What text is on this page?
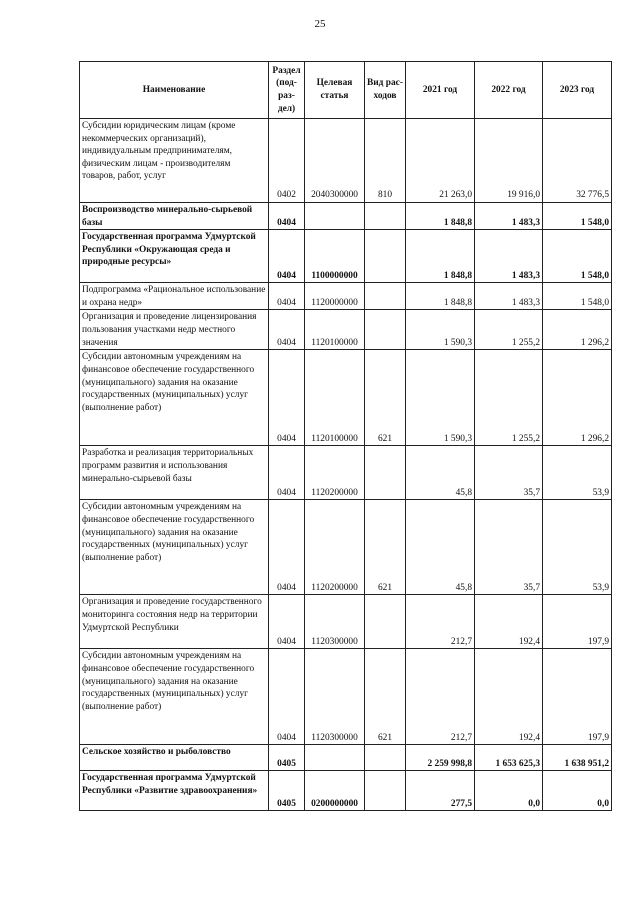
25
Наименование	Раздел (под-раз-дел)	Целевая статья	Вид рас-ходов	2021 год	2022 год	2023 год
Субсидии юридическим лицам (кроме некоммерческих организаций), индивидуальным предпринимателям, физическим лицам - производителям товаров, работ, услуг	0402	2040300000	810	21 263,0	19 916,0	32 776,5
Воспроизводство минерально-сырьевой базы	0404			1 848,8	1 483,3	1 548,0
Государственная программа Удмуртской Республики «Окружающая среда и природные ресурсы»	0404	1100000000		1 848,8	1 483,3	1 548,0
Подпрограмма «Рациональное использование и охрана недр»	0404	1120000000		1 848,8	1 483,3	1 548,0
Организация и проведение лицензирования пользования участками недр местного значения	0404	1120100000		1 590,3	1 255,2	1 296,2
Субсидии автономным учреждениям на финансовое обеспечение государственного (муниципального) задания на оказание государственных (муниципальных) услуг (выполнение работ)	0404	1120100000	621	1 590,3	1 255,2	1 296,2
Разработка и реализация территориальных программ развития и использования минерально-сырьевой базы	0404	1120200000		45,8	35,7	53,9
Субсидии автономным учреждениям на финансовое обеспечение государственного (муниципального) задания на оказание государственных (муниципальных) услуг (выполнение работ)	0404	1120200000	621	45,8	35,7	53,9
Организация и проведение государственного мониторинга состояния недр на территории Удмуртской Республики	0404	1120300000		212,7	192,4	197,9
Субсидии автономным учреждениям на финансовое обеспечение государственного (муниципального) задания на оказание государственных (муниципальных) услуг (выполнение работ)	0404	1120300000	621	212,7	192,4	197,9
Сельское хозяйство и рыболовство	0405			2 259 998,8	1 653 625,3	1 638 951,2
Государственная программа Удмуртской Республики «Развитие здравоохранения»	0405	0200000000		277,5	0,0	0,0
